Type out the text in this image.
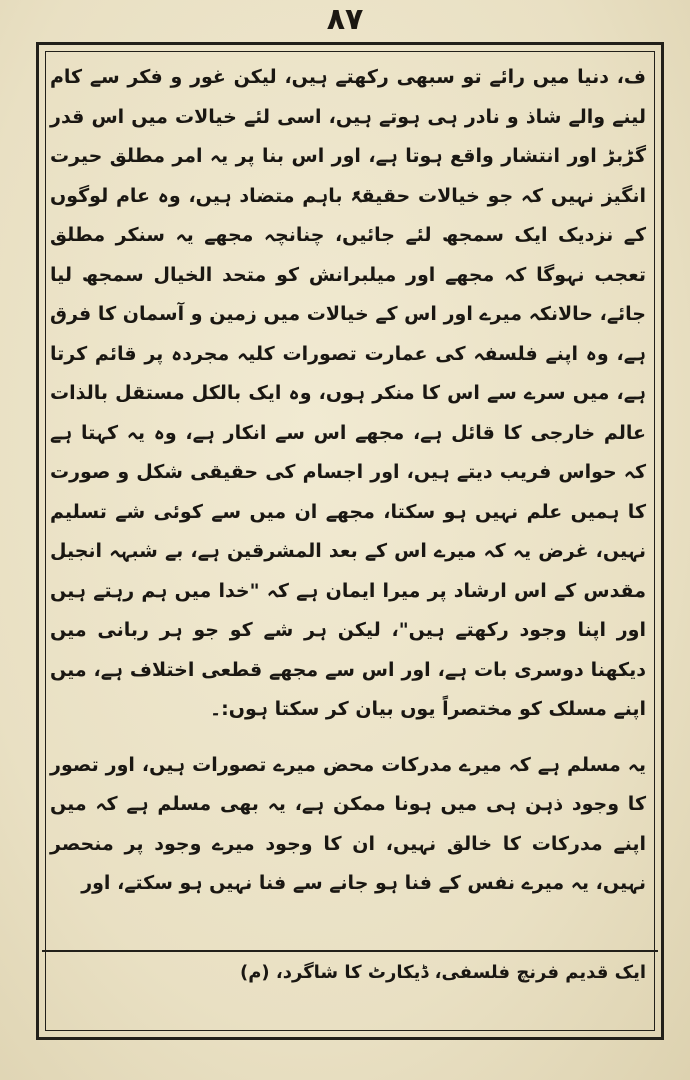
۸۷

ف، دنیا میں رائے تو سبھی رکھتے ہیں، لیکن غور و فکر سے کام لینے والے شاذ و نادر ہی ہوتے ہیں، اسی لئے خیالات میں اس قدر گڑبڑ اور انتشار واقع ہوتا ہے، اور اس بنا پر یہ امر مطلق حیرت انگیز نہیں کہ جو خیالات حقیقۃً باہم متضاد ہیں، وہ عام لوگوں کے نزدیک ایک سمجھ لئے جائیں، چنانچہ مجھے یہ سنکر مطلق تعجب نہوگا کہ مجھے اور میلبرانش کو متحد الخیال سمجھ لیا جائے، حالانکہ میرے اور اس کے خیالات میں زمین و آسمان کا فرق ہے، وہ اپنے فلسفہ کی عمارت تصورات کلیہ مجردہ پر قائم کرتا ہے، میں سرے سے اس کا منکر ہوں، وہ ایک بالکل مستقل بالذات عالم خارجی کا قائل ہے، مجھے اس سے انکار ہے، وہ یہ کہتا ہے کہ حواس فریب دیتے ہیں، اور اجسام کی حقیقی شکل و صورت کا ہمیں علم نہیں ہو سکتا، مجھے ان میں سے کوئی شے تسلیم نہیں، غرض یہ کہ میرے اس کے بعد المشرقین ہے، بے شبہہ انجیل مقدس کے اس ارشاد پر میرا ایمان ہے کہ "خدا میں ہم رہتے ہیں اور اپنا وجود رکھتے ہیں"، لیکن ہر شے کو جو ہر ربانی میں دیکھنا دوسری بات ہے، اور اس سے مجھے قطعی اختلاف ہے، میں اپنے مسلک کو مختصراً یوں بیان کر سکتا ہوں:۔

یہ مسلم ہے کہ میرے مدرکات محض میرے تصورات ہیں، اور تصور کا وجود ذہن ہی میں ہونا ممکن ہے، یہ بھی مسلم ہے کہ میں اپنے مدرکات کا خالق نہیں، ان کا وجود میرے وجود پر منحصر نہیں، یہ میرے نفس کے فنا ہو جانے سے فنا نہیں ہو سکتے، اور

ایک قدیم فرنچ فلسفی، ڈیکارٹ کا شاگرد، (م)
